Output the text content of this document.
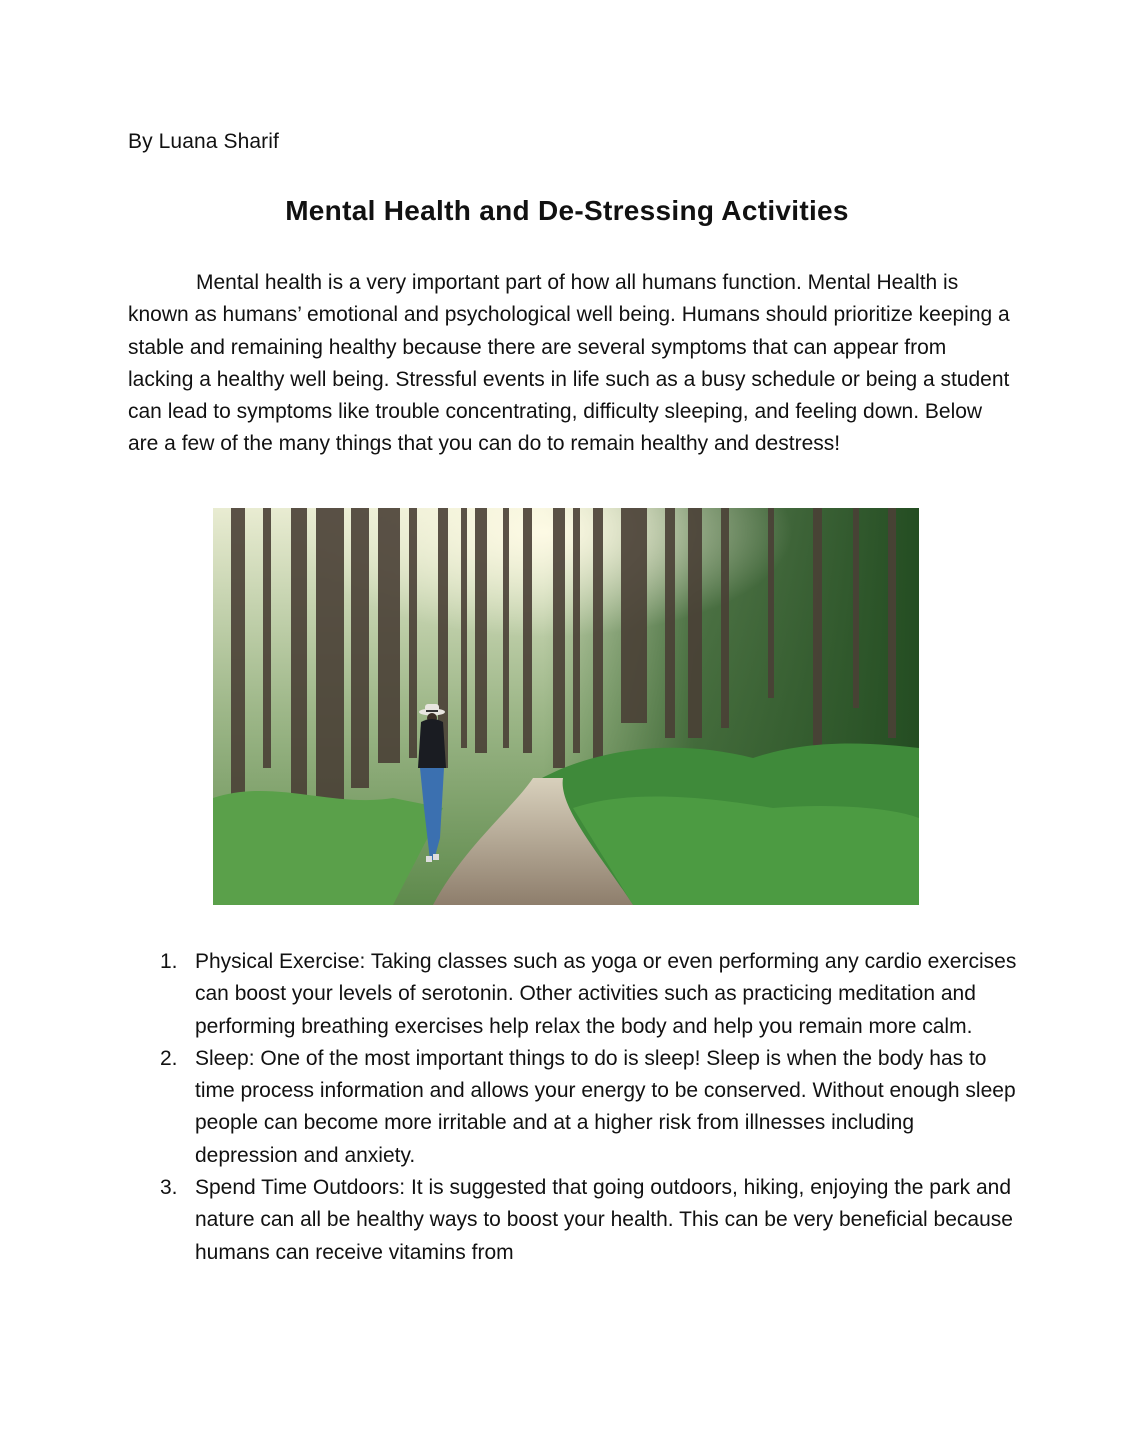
By Luana Sharif
Mental Health and De-Stressing Activities

Mental health is a very important part of how all humans function. Mental Health is known as humans’ emotional and psychological well being. Humans should prioritize keeping a stable and remaining healthy because there are several symptoms that can appear from lacking a healthy well being. Stressful events in life such as a busy schedule or being a student can lead to symptoms like trouble concentrating, difficulty sleeping, and feeling down. Below are a few of the many things that you can do to remain healthy and destress!

1. Physical Exercise: Taking classes such as yoga or even performing any cardio exercises can boost your levels of serotonin. Other activities such as practicing meditation and performing breathing exercises help relax the body and help you remain more calm.
2. Sleep: One of the most important things to do is sleep! Sleep is when the body has to time process information and allows your energy to be conserved. Without enough sleep people can become more irritable and at a higher risk from illnesses including depression and anxiety.
3. Spend Time Outdoors: It is suggested that going outdoors, hiking, enjoying the park and nature can all be healthy ways to boost your health. This can be very beneficial because humans can receive vitamins from
